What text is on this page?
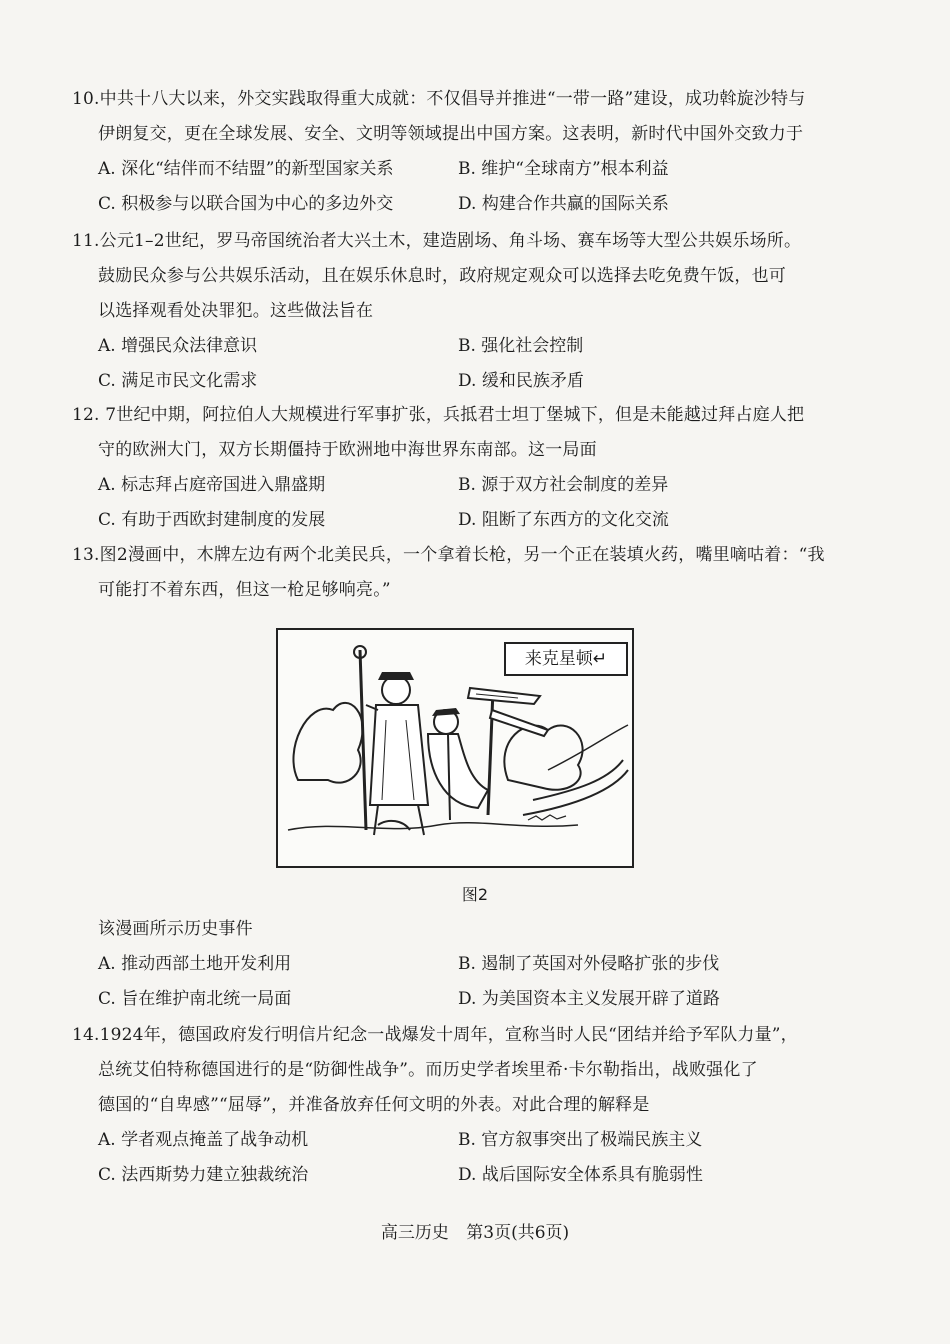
10.中共十八大以来，外交实践取得重大成就：不仅倡导并推进“一带一路”建设，成功斡旋沙特与
伊朗复交，更在全球发展、安全、文明等领域提出中国方案。这表明，新时代中国外交致力于
A. 深化“结伴而不结盟”的新型国家关系	B. 维护“全球南方”根本利益
C. 积极参与以联合国为中心的多边外交	D. 构建合作共赢的国际关系
11.公元1–2世纪，罗马帝国统治者大兴土木，建造剧场、角斗场、赛车场等大型公共娱乐场所。
鼓励民众参与公共娱乐活动，且在娱乐休息时，政府规定观众可以选择去吃免费午饭，也可
以选择观看处决罪犯。这些做法旨在
A. 增强民众法律意识	B. 强化社会控制
C. 满足市民文化需求	D. 缓和民族矛盾
12. 7世纪中期，阿拉伯人大规模进行军事扩张，兵抵君士坦丁堡城下，但是未能越过拜占庭人把
守的欧洲大门，双方长期僵持于欧洲地中海世界东南部。这一局面
A. 标志拜占庭帝国进入鼎盛期	B. 源于双方社会制度的差异
C. 有助于西欧封建制度的发展	D. 阻断了东西方的文化交流
13.图2漫画中，木牌左边有两个北美民兵，一个拿着长枪，另一个正在装填火药，嘴里嘀咕着：“我
可能打不着东西，但这一枪足够响亮。”
来克星顿↵
图2
该漫画所示历史事件
A. 推动西部土地开发利用	B. 遏制了英国对外侵略扩张的步伐
C. 旨在维护南北统一局面	D. 为美国资本主义发展开辟了道路
14.1924年，德国政府发行明信片纪念一战爆发十周年，宣称当时人民“团结并给予军队力量”，
总统艾伯特称德国进行的是“防御性战争”。而历史学者埃里希·卡尔勒指出，战败强化了
德国的“自卑感”“屈辱”，并准备放弃任何文明的外表。对此合理的解释是
A. 学者观点掩盖了战争动机	B. 官方叙事突出了极端民族主义
C. 法西斯势力建立独裁统治	D. 战后国际安全体系具有脆弱性
高三历史 第3页(共6页)
